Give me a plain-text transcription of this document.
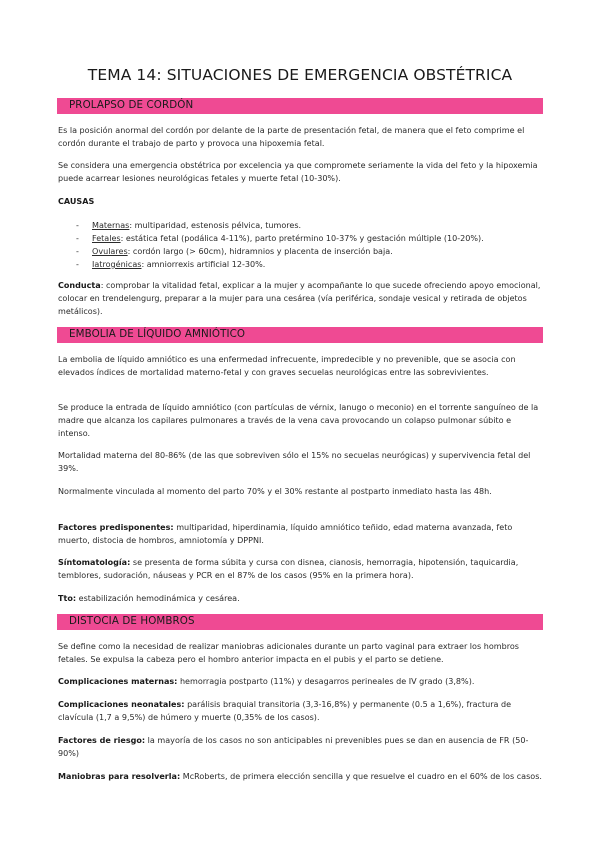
TEMA 14: SITUACIONES DE EMERGENCIA OBSTÉTRICA
PROLAPSO DE CORDÓN

Es la posición anormal del cordón por delante de la parte de presentación fetal, de manera que el feto comprime el cordón durante el trabajo de parto y provoca una hipoxemia fetal.

Se considera una emergencia obstétrica por excelencia ya que compromete seriamente la vida del feto y la hipoxemia puede acarrear lesiones neurológicas fetales y muerte fetal (10-30%).

CAUSAS

- Maternas: multiparidad, estenosis pélvica, tumores.
- Fetales: estática fetal (podálica 4-11%), parto pretérmino 10-37% y gestación múltiple (10-20%).
- Ovulares: cordón largo (> 60cm), hidramnios y placenta de inserción baja.
- Iatrogénicas: amniorrexis artificial 12-30%.

Conducta: comprobar la vitalidad fetal, explicar a la mujer y acompañante lo que sucede ofreciendo apoyo emocional, colocar en trendelengurg, preparar a la mujer para una cesárea (vía periférica, sondaje vesical y retirada de objetos metálicos).

EMBOLIA DE LÍQUIDO AMNIÓTICO

La embolia de líquido amniótico es una enfermedad infrecuente, impredecible y no prevenible, que se asocia con elevados índices de mortalidad materno-fetal y con graves secuelas neurológicas entre las sobrevivientes.

Se produce la entrada de líquido amniótico (con partículas de vérnix, lanugo o meconio) en el torrente sanguíneo de la madre que alcanza los capilares pulmonares a través de la vena cava provocando un colapso pulmonar súbito e intenso.

Mortalidad materna del 80-86% (de las que sobreviven sólo el 15% no secuelas neurógicas) y supervivencia fetal del 39%.

Normalmente vinculada al momento del parto 70% y el 30% restante al postparto inmediato hasta las 48h.

Factores predisponentes: multiparidad, hiperdinamia, líquido amniótico teñido, edad materna avanzada, feto muerto, distocia de hombros, amniotomía y DPPNI.

Síntomatología: se presenta de forma súbita y cursa con disnea, cianosis, hemorragia, hipotensión, taquicardia, temblores, sudoración, náuseas y PCR en el 87% de los casos (95% en la primera hora).

Tto: estabilización hemodinámica y cesárea.

DISTOCIA DE HOMBROS

Se define como la necesidad de realizar maniobras adicionales durante un parto vaginal para extraer los hombros fetales. Se expulsa la cabeza pero el hombro anterior impacta en el pubis y el parto se detiene.

Complicaciones maternas: hemorragia postparto (11%) y desagarros perineales de IV grado (3,8%).

Complicaciones neonatales: parálisis braquial transitoria (3,3-16,8%) y permanente (0.5 a 1,6%), fractura de clavícula (1,7 a 9,5%) de húmero y muerte (0,35% de los casos).

Factores de riesgo: la mayoría de los casos no son anticipables ni prevenibles pues se dan en ausencia de FR (50-90%)

Maniobras para resolverla: McRoberts, de primera elección sencilla y que resuelve el cuadro en el 60% de los casos.
